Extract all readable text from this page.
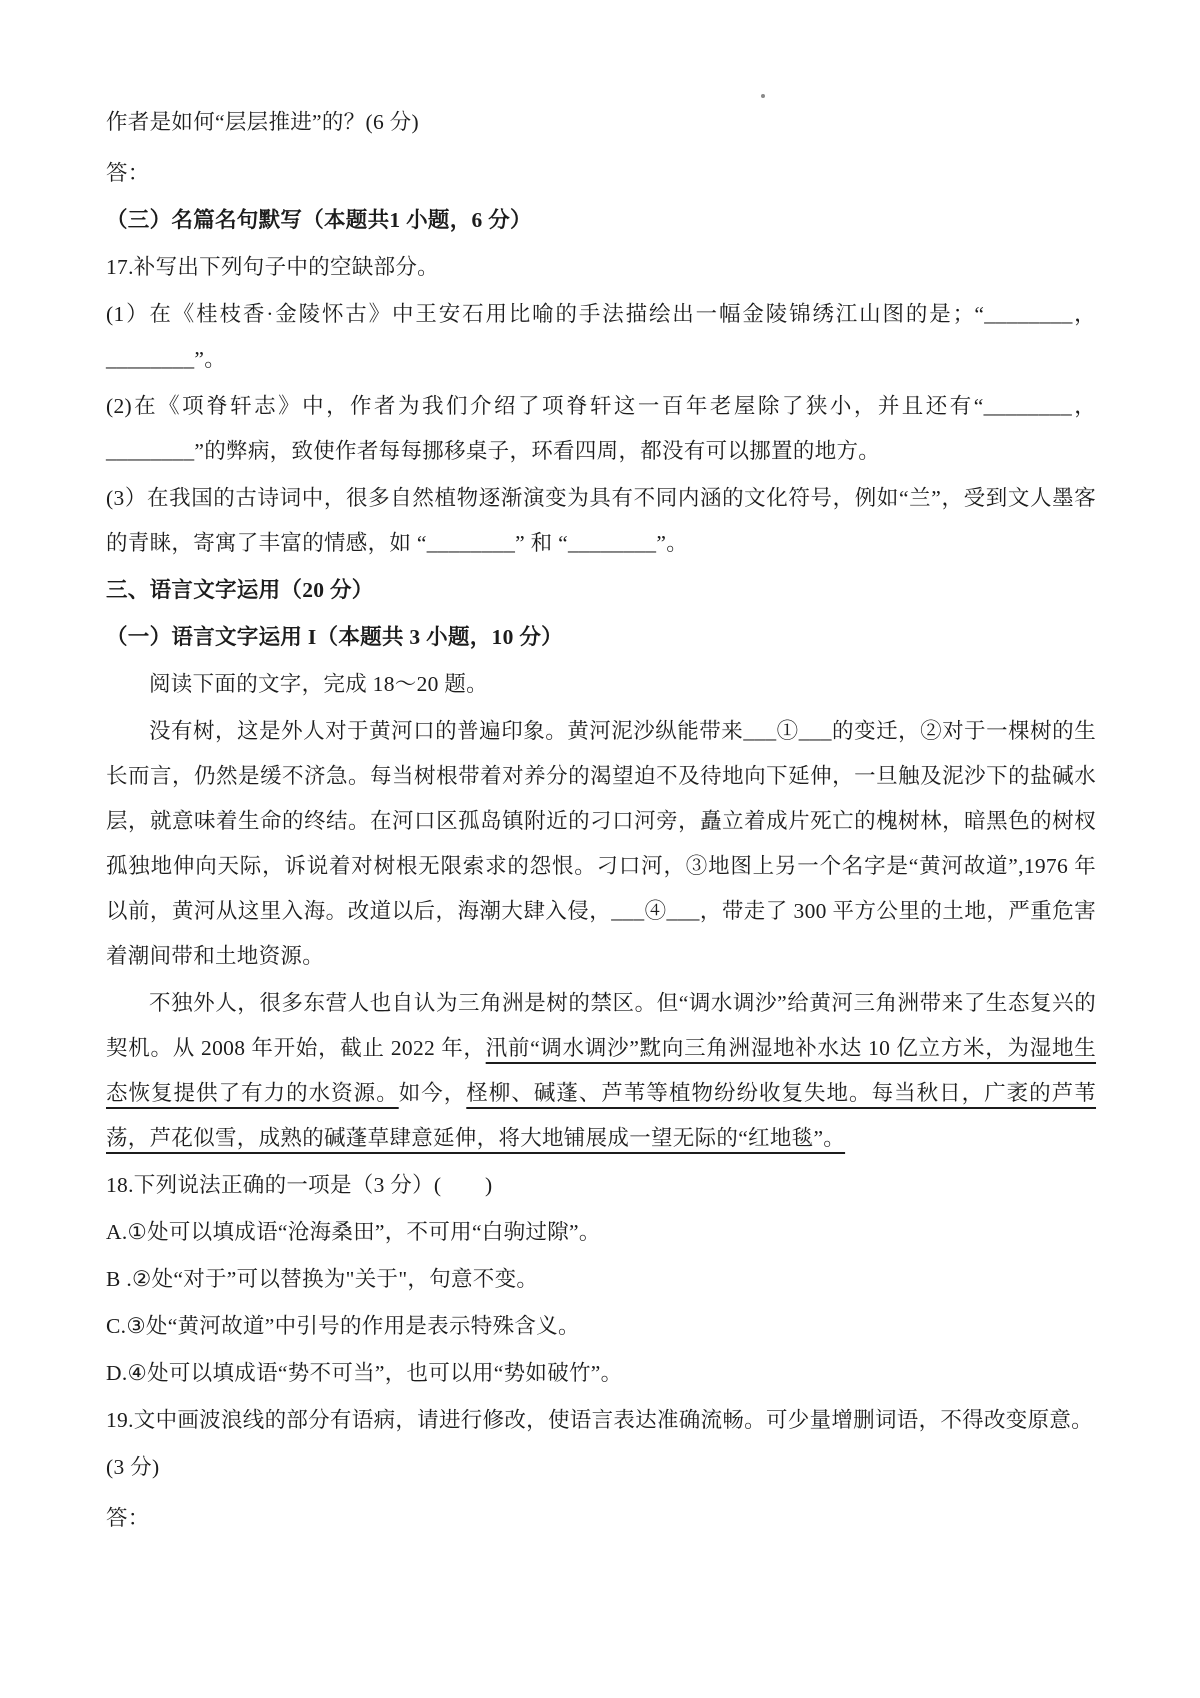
作者是如何“层层推进”的？(6 分)

答：

（三）名篇名句默写（本题共1 小题，6 分）

17.补写出下列句子中的空缺部分。

(1）在《桂枝香·金陵怀古》中王安石用比喻的手法描绘出一幅金陵锦绣江山图的是；“________，________”。

(2)在《项脊轩志》中，作者为我们介绍了项脊轩这一百年老屋除了狭小，并且还有“________，________”的弊病，致使作者每每挪移桌子，环看四周，都没有可以挪置的地方。

(3）在我国的古诗词中，很多自然植物逐渐演变为具有不同内涵的文化符号，例如“兰”，受到文人墨客的青睐，寄寓了丰富的情感，如 “________” 和 “________”。

三、语言文字运用（20 分）

（一）语言文字运用 I（本题共 3 小题，10 分）

阅读下面的文字，完成 18～20 题。

没有树，这是外人对于黄河口的普遍印象。黄河泥沙纵能带来___①___的变迁，②对于一棵树的生长而言，仍然是缓不济急。每当树根带着对养分的渴望迫不及待地向下延伸，一旦触及泥沙下的盐碱水层，就意味着生命的终结。在河口区孤岛镇附近的刁口河旁，矗立着成片死亡的槐树林，暗黑色的树杈孤独地伸向天际，诉说着对树根无限索求的怨恨。刁口河，③地图上另一个名字是“黄河故道”,1976 年以前，黄河从这里入海。改道以后，海潮大肆入侵，___④___，带走了 300 平方公里的土地，严重危害着潮间带和土地资源。

不独外人，很多东营人也自认为三角洲是树的禁区。但“调水调沙”给黄河三角洲带来了生态复兴的契机。从 2008 年开始，截止 2022 年，汛前“调水调沙”黕向三角洲湿地补水达 10 亿立方米，为湿地生态恢复提供了有力的水资源。如今，柽柳、碱蓬、芦苇等植物纷纷收复失地。每当秋日，广袤的芦苇荡，芦花似雪，成熟的碱蓬草肆意延伸，将大地铺展成一望无际的“红地毯”。

18.下列说法正确的一项是（3 分）(　　)

A.①处可以填成语“沧海桑田”，不可用“白驹过隙”。

B .②处“对于”可以替换为"关于"，句意不变。

C.③处“黄河故道”中引号的作用是表示特殊含义。

D.④处可以填成语“势不可当”，也可以用“势如破竹”。

19.文中画波浪线的部分有语病，请进行修改，使语言表达准确流畅。可少量增删词语，不得改变原意。

(3 分)

答：
